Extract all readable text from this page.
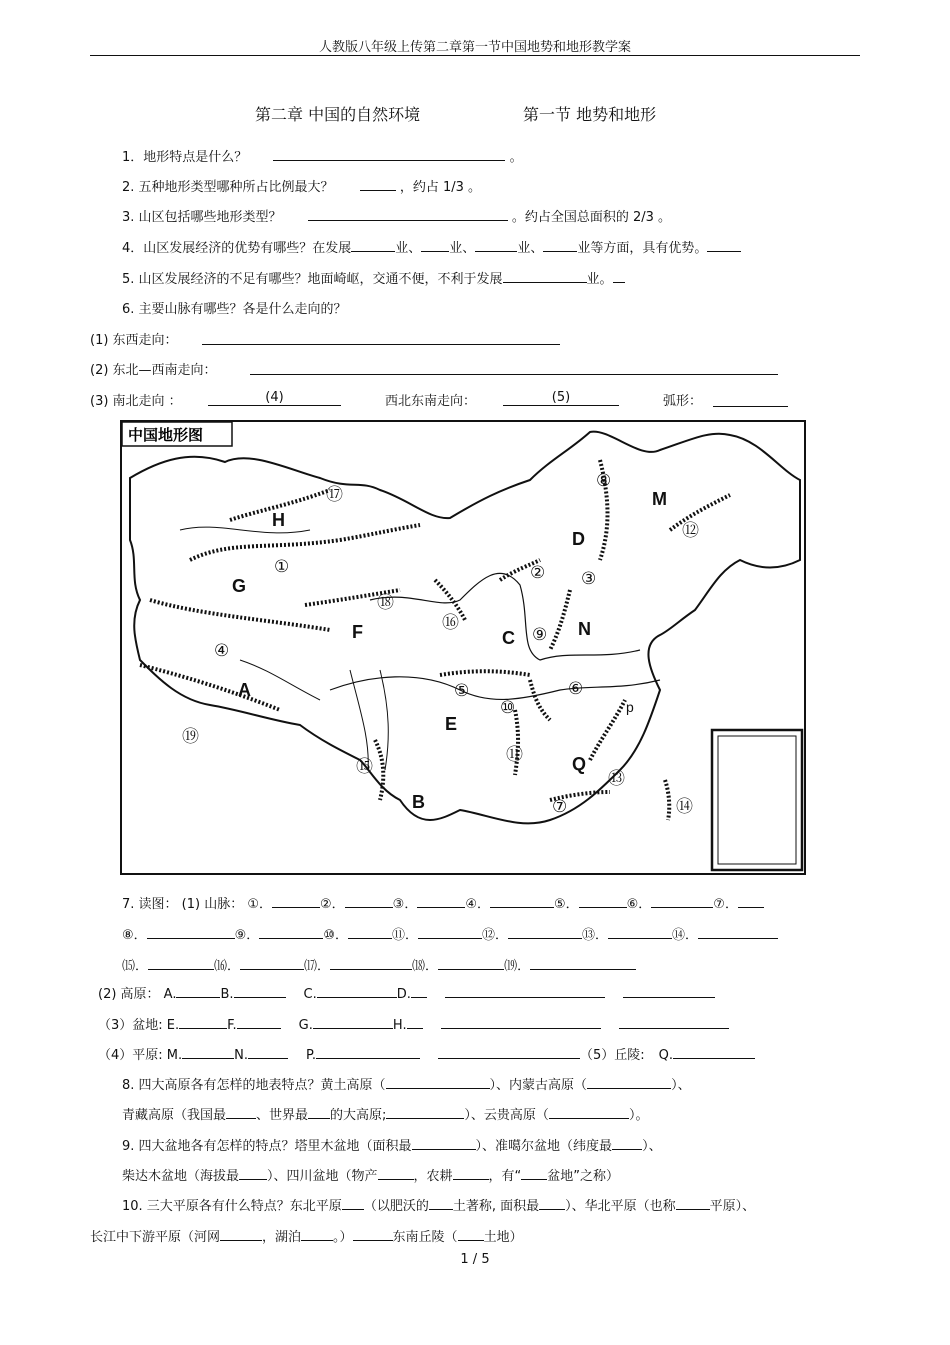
人教版八年级上传第二章第一节中国地势和地形教学案
第二章 中国的自然环境	第一节 地势和地形
1．地形特点是什么？	。
2. 五种地形类型哪种所占比例最大？	，约占 1/3 。
3. 山区包括哪些地形类型？	。约占全国总面积的 2/3 。
4．山区发展经济的优势有哪些？在发展	业、 业、	业、	业等方面，具有优势。
5. 山区发展经济的不足有哪些？地面崎岖，交通不便，不利于发展	业。
6. 主要山脉有哪些？各是什么走向的？
(1) 东西走向：
(2) 东北—西南走向：
(3) 南北走向 ：	(4)	西北东南走向：	(5)	弧形：
中国地形图
H
G
F
A
D
C	N
M
E
B
Q
p
⑰
①
⑱
⑯
② ③
⑧
⑨
⑫
④
⑤	⑥
⑩
⑪
⑬
⑲
⑮
⑦	⑭
7. 读图： (1) 山脉： ①．	②．	③．	④．	⑤．	⑥．	⑦．
⑧．	⑨．	⑩．	⑪．	⑫．	⑬．	⑭．
⒂．	⒃．	⒄．	⒅．	⒆．
(2) 高原： A.	B.	C.	D.
（3）盆地: E.	F.	G.	H.
（4）平原: M.	N.	P.	（5）丘陵: Q.
8. 四大高原各有怎样的地表特点？黄土高原（	）、内蒙古高原（	）、
青藏高原（我国最 、世界最 的大高原;	）、云贵高原（	）。
9. 四大盆地各有怎样的特点？塔里木盆地（面积最	）、准噶尔盆地（纬度最 ）、
柴达木盆地（海拔最 ）、四川盆地（物产	，农耕	，有“ 盆地”之称）
10. 三大平原各有什么特点？东北平原 （以肥沃的 土著称, 面积最 ）、华北平原（也称	平原）、
长江中下游平原（河网	，湖泊 。）	东南丘陵（ 土地）
1 / 5
